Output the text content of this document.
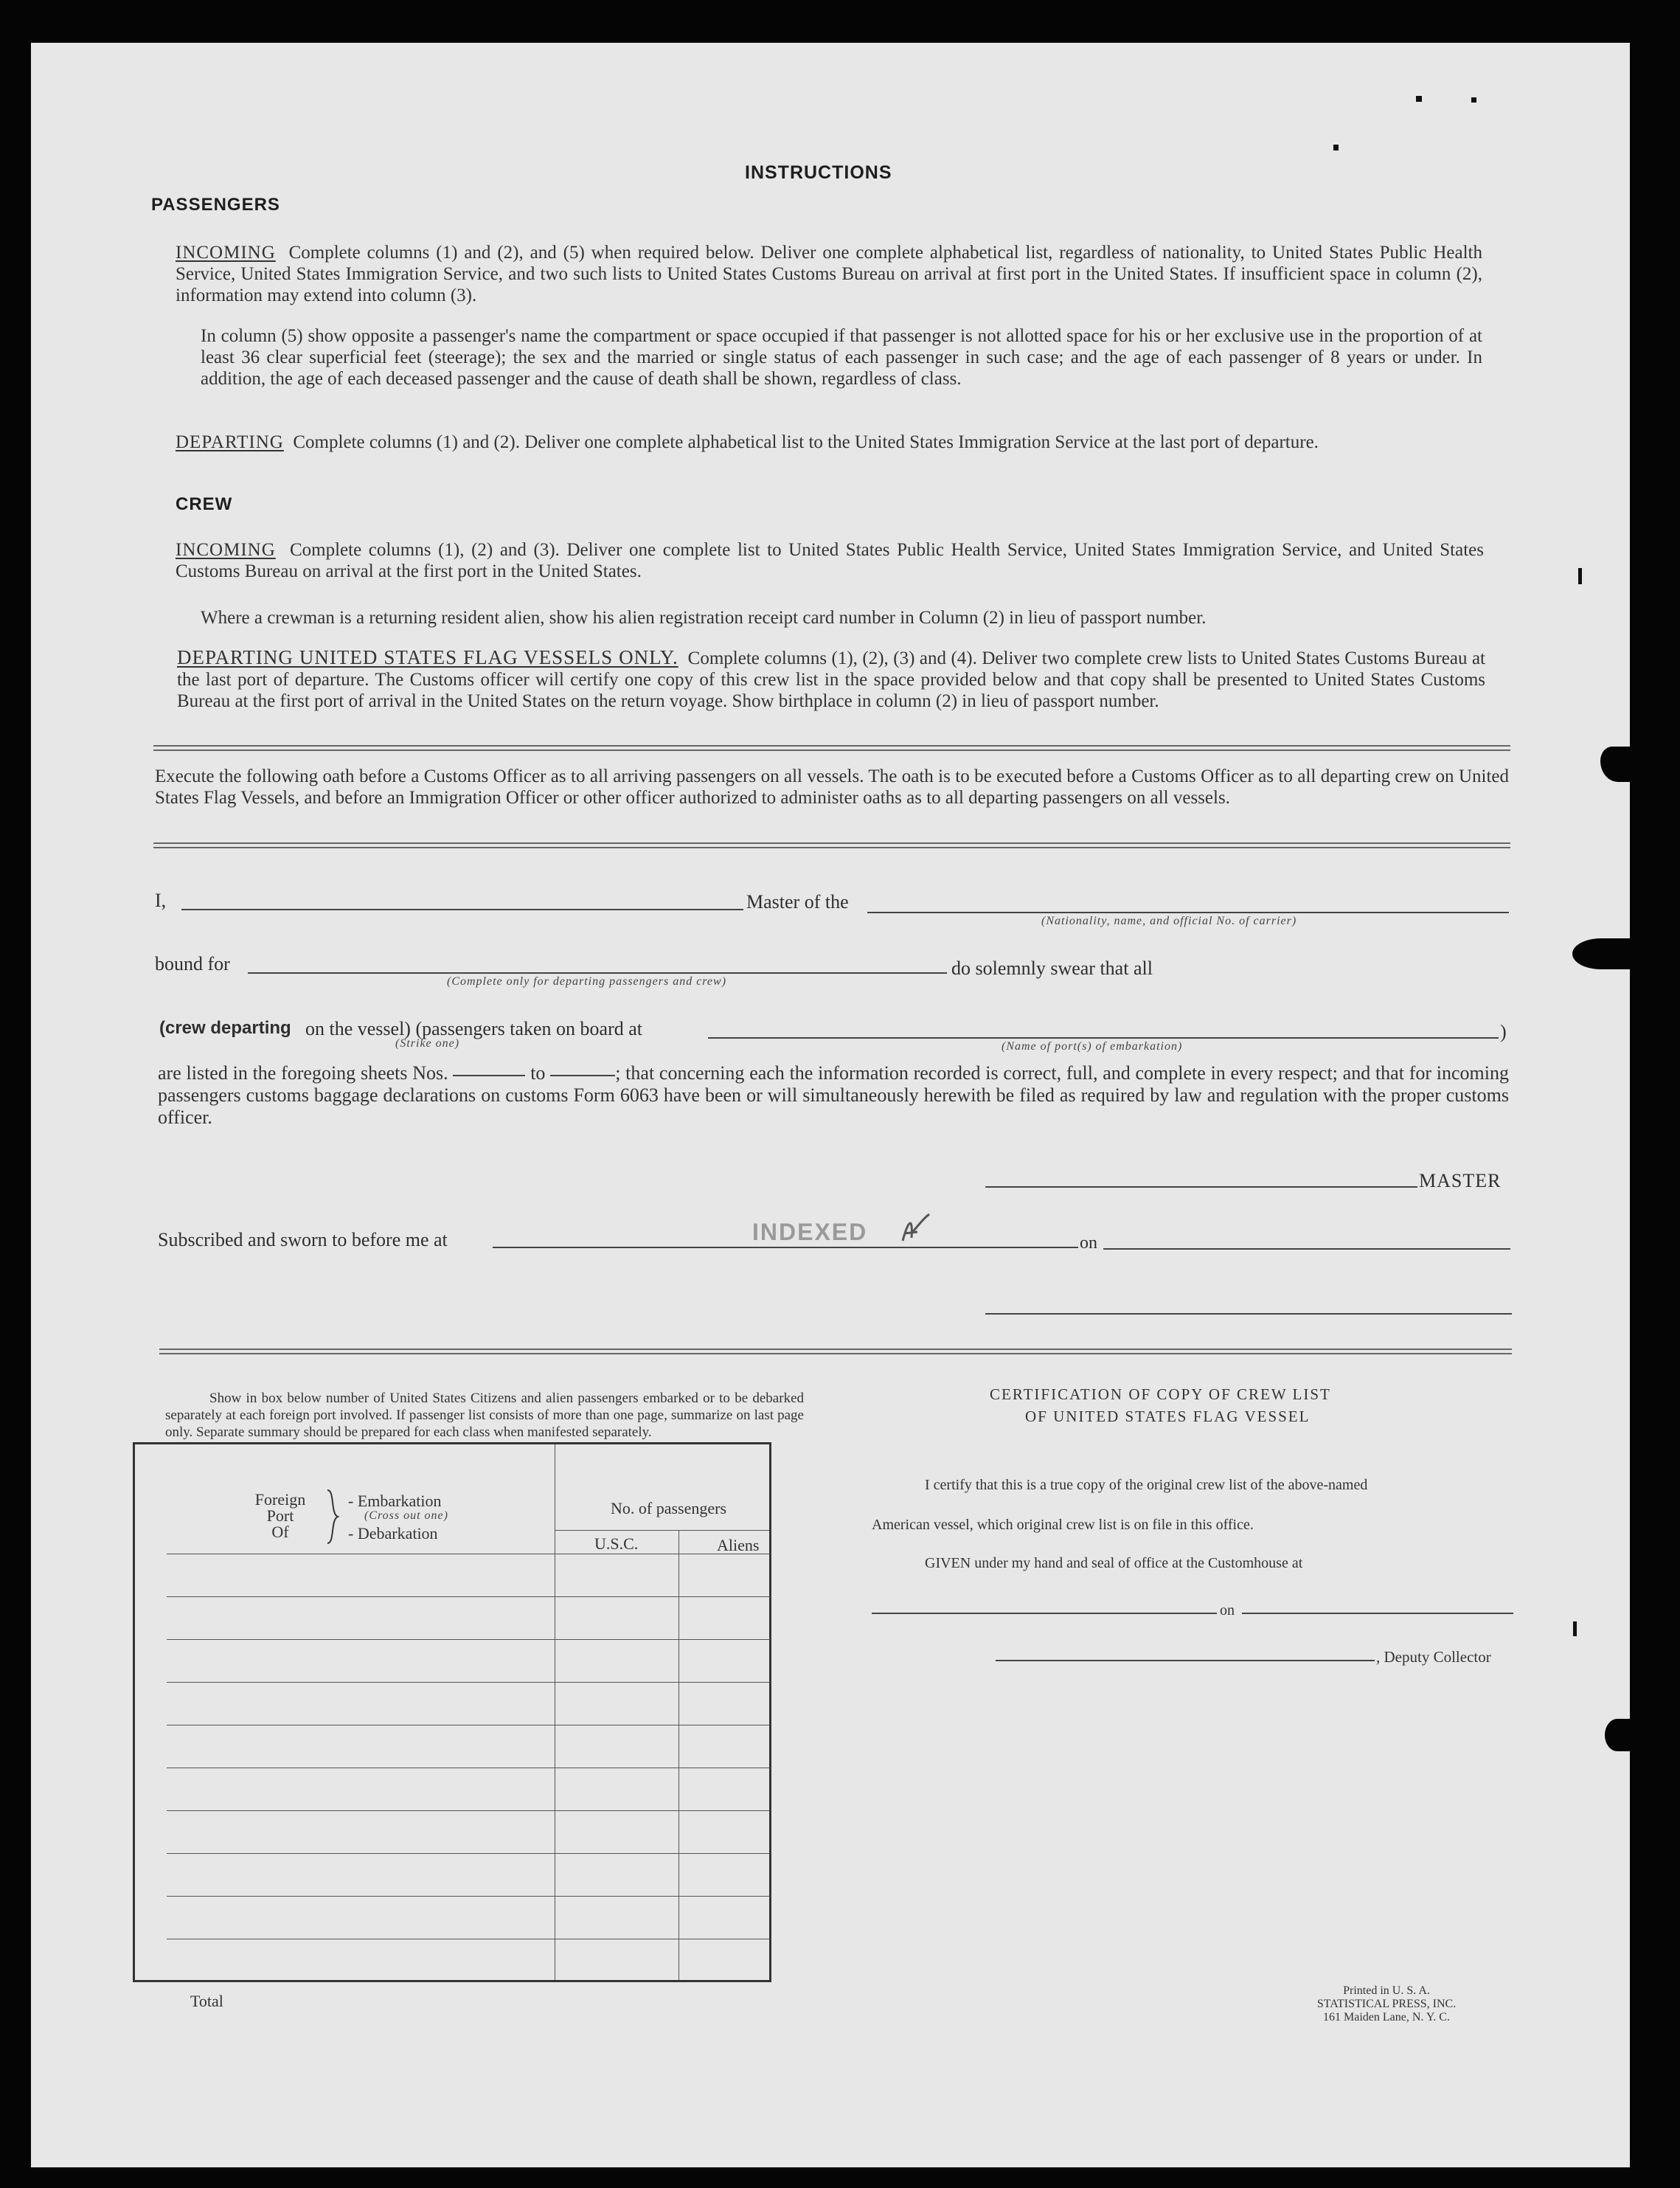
INSTRUCTIONS
PASSENGERS
INCOMING Complete columns (1) and (2), and (5) when required below. Deliver one complete alphabetical list, regardless of nationality, to United States Public Health Service, United States Immigration Service, and two such lists to United States Customs Bureau on arrival at first port in the United States. If insufficient space in column (2), information may extend into column (3).
In column (5) show opposite a passenger's name the compartment or space occupied if that passenger is not allotted space for his or her exclusive use in the proportion of at least 36 clear superficial feet (steerage); the sex and the married or single status of each passenger in such case; and the age of each passenger of 8 years or under. In addition, the age of each deceased passenger and the cause of death shall be shown, regardless of class.
DEPARTING Complete columns (1) and (2). Deliver one complete alphabetical list to the United States Immigration Service at the last port of departure.
CREW
INCOMING Complete columns (1), (2) and (3). Deliver one complete list to United States Public Health Service, United States Immigration Service, and United States Customs Bureau on arrival at the first port in the United States.
Where a crewman is a returning resident alien, show his alien registration receipt card number in Column (2) in lieu of passport number.
DEPARTING UNITED STATES FLAG VESSELS ONLY. Complete columns (1), (2), (3) and (4). Deliver two complete crew lists to United States Customs Bureau at the last port of departure. The Customs officer will certify one copy of this crew list in the space provided below and that copy shall be presented to United States Customs Bureau at the first port of arrival in the United States on the return voyage. Show birthplace in column (2) in lieu of passport number.
Execute the following oath before a Customs Officer as to all arriving passengers on all vessels. The oath is to be executed before a Customs Officer as to all departing crew on United States Flag Vessels, and before an Immigration Officer or other officer authorized to administer oaths as to all departing passengers on all vessels.
I,	Master of the
(Nationality, name, and official No. of carrier)
bound for
(Complete only for departing passengers and crew)
do solemnly swear that all
(crew departing on the vessel) (passengers taken on board at
(Strike one)
)
(Name of port(s) of embarkation)
are listed in the foregoing sheets Nos.	to	; that concerning each the information recorded is correct, full, and complete in every respect; and that for incoming passengers customs baggage declarations on customs Form 6063 have been or will simultaneously herewith be filed as required by law and regulation with the proper customs officer.
MASTER
Subscribed and sworn to before me at	INDEXED	on
Show in box below number of United States Citizens and alien passengers embarked or to be debarked separately at each foreign port involved. If passenger list consists of more than one page, summarize on last page only. Separate summary should be prepared for each class when manifested separately.
Foreign
Port
Of
- Embarkation
(Cross out one)
- Debarkation
No. of passengers
U.S.C.	Aliens
Total
CERTIFICATION OF COPY OF CREW LIST
OF UNITED STATES FLAG VESSEL
I certify that this is a true copy of the original crew list of the above-named
American vessel, which original crew list is on file in this office.
GIVEN under my hand and seal of office at the Customhouse at
on
, Deputy Collector
Printed in U. S. A.
STATISTICAL PRESS, INC.
161 Maiden Lane, N. Y. C.
